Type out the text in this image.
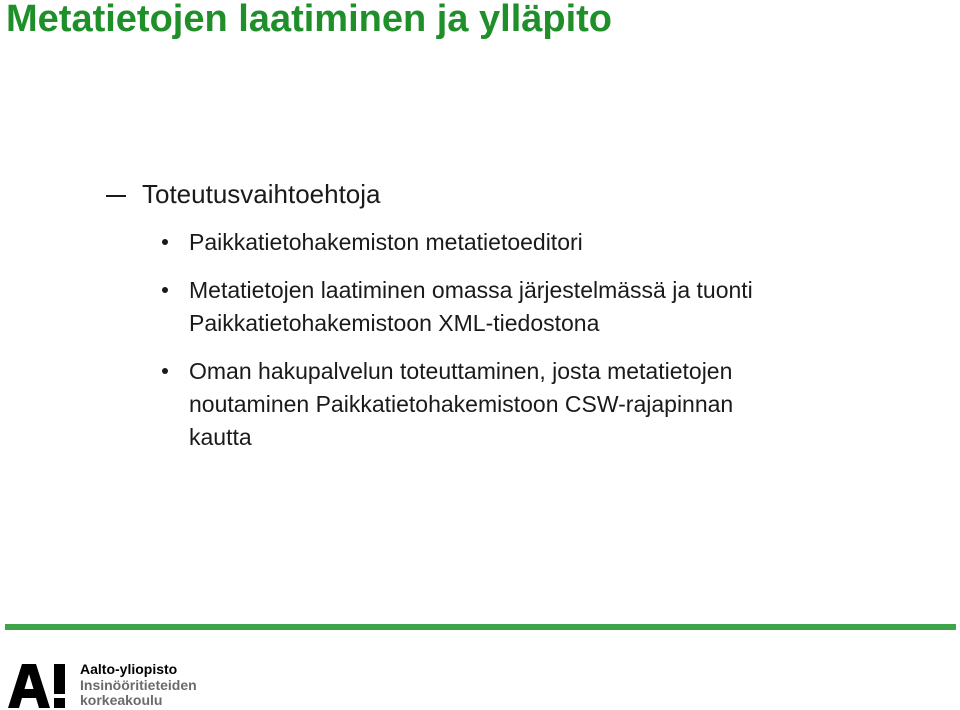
Metatietojen laatiminen ja ylläpito
Toteutusvaihtoehtoja
Paikkatietohakemiston metatietoeditori
Metatietojen laatiminen omassa järjestelmässä ja tuonti
Paikkatietohakemistoon XML-tiedostona
Oman hakupalvelun toteuttaminen, josta metatietojen
noutaminen Paikkatietohakemistoon CSW-rajapinnan
kautta
Aalto-yliopisto
Insinööritieteiden
korkeakoulu
